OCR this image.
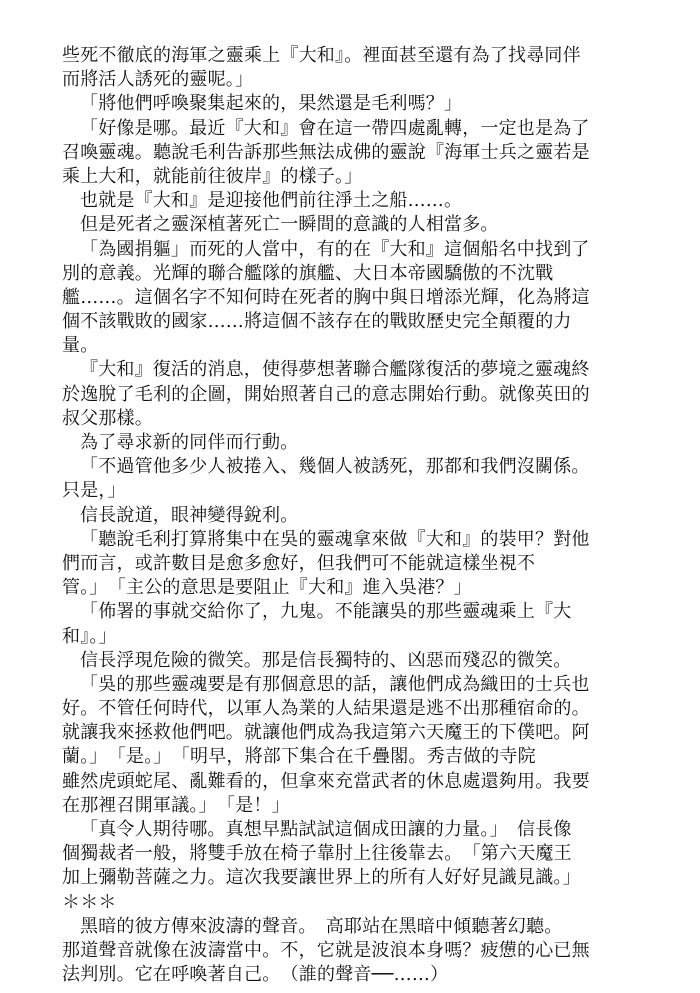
些死不徹底的海軍之靈乘上『大和』。裡面甚至還有為了找尋同伴
而將活人誘死的靈呢。」
「將他們呼喚聚集起來的，果然還是毛利嗎？」
「好像是哪。最近『大和』會在這一帶四處亂轉，一定也是為了
召喚靈魂。聽說毛利告訴那些無法成佛的靈說『海軍士兵之靈若是
乘上大和，就能前往彼岸』的樣子。」
也就是『大和』是迎接他們前往淨土之船……。
但是死者之靈深植著死亡一瞬間的意識的人相當多。
「為國捐軀」而死的人當中，有的在『大和』這個船名中找到了
別的意義。光輝的聯合艦隊的旗艦、大日本帝國驕傲的不沈戰
艦……。這個名字不知何時在死者的胸中與日增添光輝，化為將這
個不該戰敗的國家……將這個不該存在的戰敗歷史完全顛覆的力
量。
『大和』復活的消息，使得夢想著聯合艦隊復活的夢境之靈魂終
於逸脫了毛利的企圖，開始照著自己的意志開始行動。就像英田的
叔父那樣。
為了尋求新的同伴而行動。
「不過管他多少人被捲入、幾個人被誘死，那都和我們沒關係。
只是，」
信長說道，眼神變得銳利。
「聽說毛利打算將集中在吳的靈魂拿來做『大和』的裝甲？對他
們而言，或許數目是愈多愈好，但我們可不能就這樣坐視不
管。」　「主公的意思是要阻止『大和』進入吳港？」
「佈署的事就交給你了，九鬼。不能讓吳的那些靈魂乘上『大
和』。」
信長浮現危險的微笑。那是信長獨特的、凶惡而殘忍的微笑。
「吳的那些靈魂要是有那個意思的話，讓他們成為織田的士兵也
好。不管任何時代，以軍人為業的人結果還是逃不出那種宿命的。
就讓我來拯救他們吧。就讓他們成為我這第六天魔王的下僕吧。阿
蘭。」　「是。」　「明早，將部下集合在千疊閣。秀吉做的寺院
雖然虎頭蛇尾、亂難看的，但拿來充當武者的休息處還夠用。我要
在那裡召開軍議。」　「是！」
「真令人期待哪。真想早點試試這個成田讓的力量。」　信長像
個獨裁者一般，將雙手放在椅子靠肘上往後靠去。　「第六天魔王
加上彌勒菩薩之力。這次我要讓世界上的所有人好好見識見識。」
＊＊＊
黑暗的彼方傳來波濤的聲音。　高耶站在黑暗中傾聽著幻聽。
那道聲音就像在波濤當中。不，它就是波浪本身嗎？疲憊的心已無
法判別。它在呼喚著自己。　（誰的聲音──……）
